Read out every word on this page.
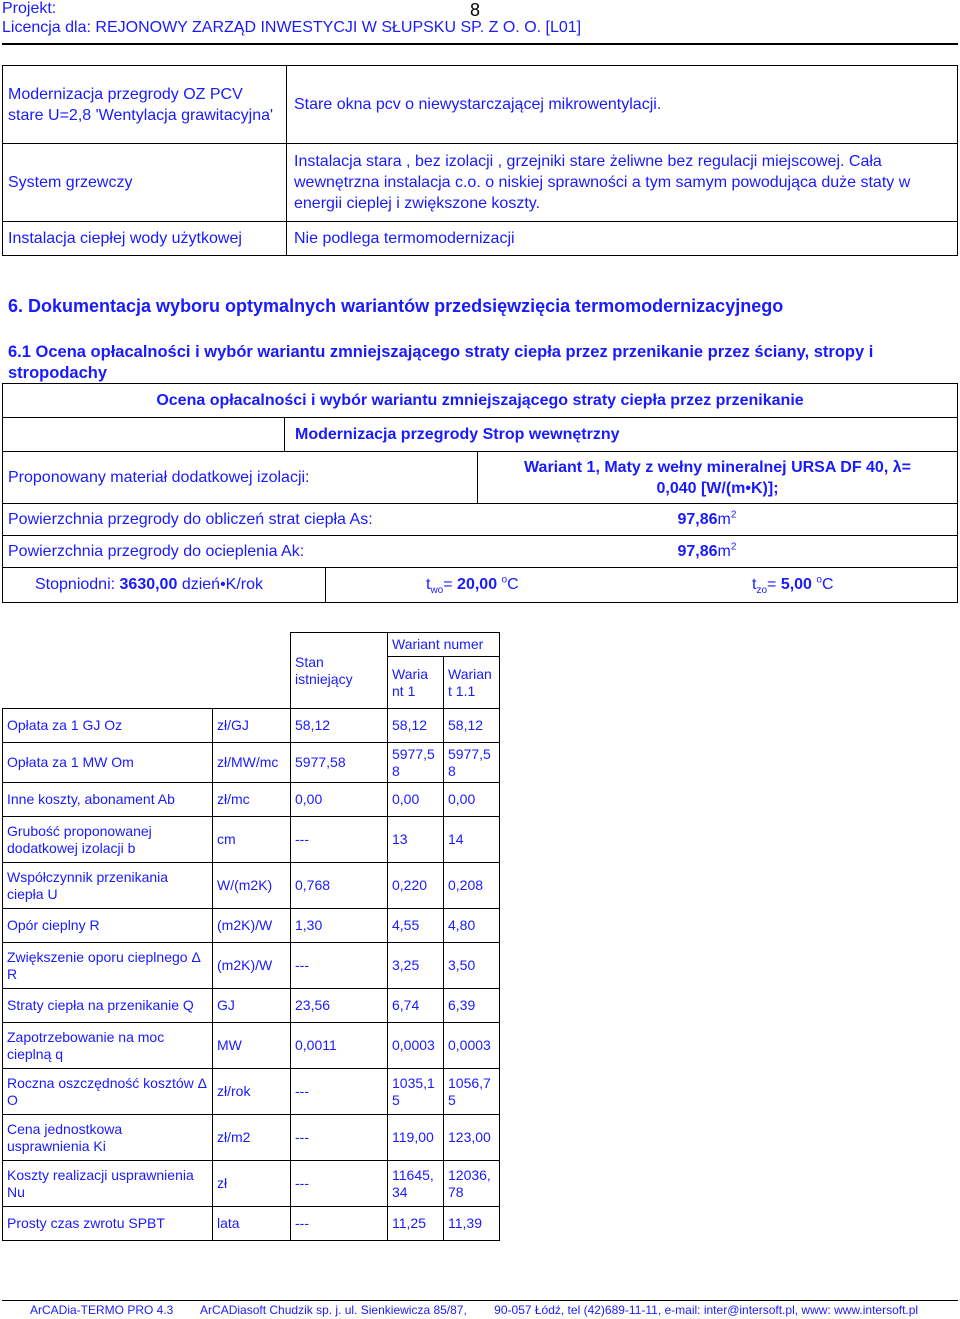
Projekt:	8
Licencja dla: REJONOWY ZARZĄD INWESTYCJI W SŁUPSKU SP. Z O. O. [L01]
Modernizacja przegrody OZ PCV stare U=2,8 'Wentylacja grawitacyjna'	Stare okna pcv o niewystarczającej mikrowentylacji.
System grzewczy	Instalacja stara , bez izolacji , grzejniki stare żeliwne bez regulacji miejscowej. Cała wewnętrzna instalacja c.o. o niskiej sprawności a tym samym powodująca duże staty w energii cieplej i zwiększone koszty.
Instalacja ciepłej wody użytkowej	Nie podlega termomodernizacji
6. Dokumentacja wyboru optymalnych wariantów przedsięwzięcia termomodernizacyjnego
6.1 Ocena opłacalności i wybór wariantu zmniejszającego straty ciepła przez przenikanie przez ściany, stropy i stropodachy
Ocena opłacalności i wybór wariantu zmniejszającego straty ciepła przez przenikanie		
	Modernizacja przegrody Strop wewnętrzny	
Proponowany materiał dodatkowej izolacji:		Wariant 1, Maty z wełny mineralnej URSA DF 40, λ=
0,040 [W/(m•K)];

Powierzchnia przegrody do obliczeń strat ciepła As:		$97,86m^2$
Powierzchnia przegrody do ocieplenia Ak:		$97,86m^2$

Stopniodni: 3630,00 dzień•K/rok $t_{wo}= 20,00$ $^o$C $t_{zo}= 5,00$ $^o$C		
		Stan istniejący	Wariant numer	
			Waria nt 1	Warian t 1.1
Opłata za 1 GJ Oz	zł/GJ	58,12	58,12	58,12
Opłata za 1 MW Om	zł/MW/mc	5977,58	5977,5 8	5977,5 8
Inne koszty, abonament Ab	zł/mc	0,00	0,00	0,00
Grubość proponowanej dodatkowej izolacji b	cm	---	13	14
Współczynnik przenikania ciepła U	W/(m2K)	0,768	0,220	0,208
Opór cieplny R	(m2K)/W	1,30	4,55	4,80
Zwiększenie oporu cieplnego Δ R	(m2K)/W	---	3,25	3,50
Straty ciepła na przenikanie Q	GJ	23,56	6,74	6,39
Zapotrzebowanie na moc cieplną q	MW	0,0011	0,0003	0,0003
Roczna oszczędność kosztów Δ O	zł/rok	---	1035,1 5	1056,7 5
Cena jednostkowa usprawnienia Ki	zł/m2	---	119,00	123,00
Koszty realizacji usprawnienia Nu	zł	---	11645, 34	12036, 78
Prosty czas zwrotu SPBT	lata	---	11,25	11,39
ArCADia-TERMO PRO 4.3 ArCADiasoft Chudzik sp. j. ul. Sienkiewicza 85/87, 90-057 Łódź, tel (42)689-11-11, e-mail: inter@intersoft.pl, www: www.intersoft.pl
